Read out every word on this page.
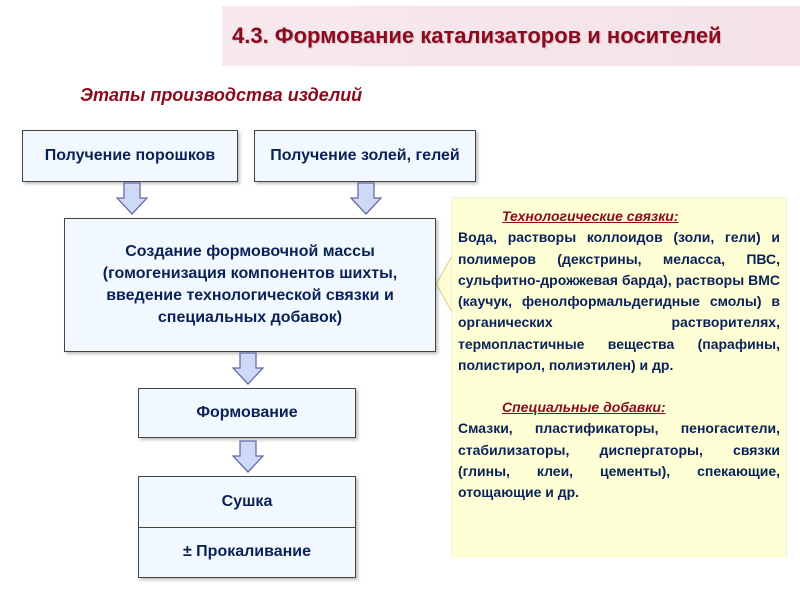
4.3. Формование катализаторов и носителей
Этапы производства изделий
Получение порошков	Получение золей, гелей
Создание формовочной массы
(гомогенизация компонентов шихты,
введение технологической связки и
специальных добавок)
Формование
Сушка
± Прокаливание
Технологические связки:
Вода, растворы коллоидов (золи, гели) и полимеров (декстрины, меласса, ПВС, сульфитно-дрожжевая барда), растворы ВМС (каучук, фенолформальдегидные смолы) в органических растворителях, термопластичные вещества (парафины, полистирол, полиэтилен) и др.
Специальные добавки:
Смазки, пластификаторы, пеногасители, стабилизаторы, диспергаторы, связки (глины, клеи, цементы), спекающие, отощающие и др.
